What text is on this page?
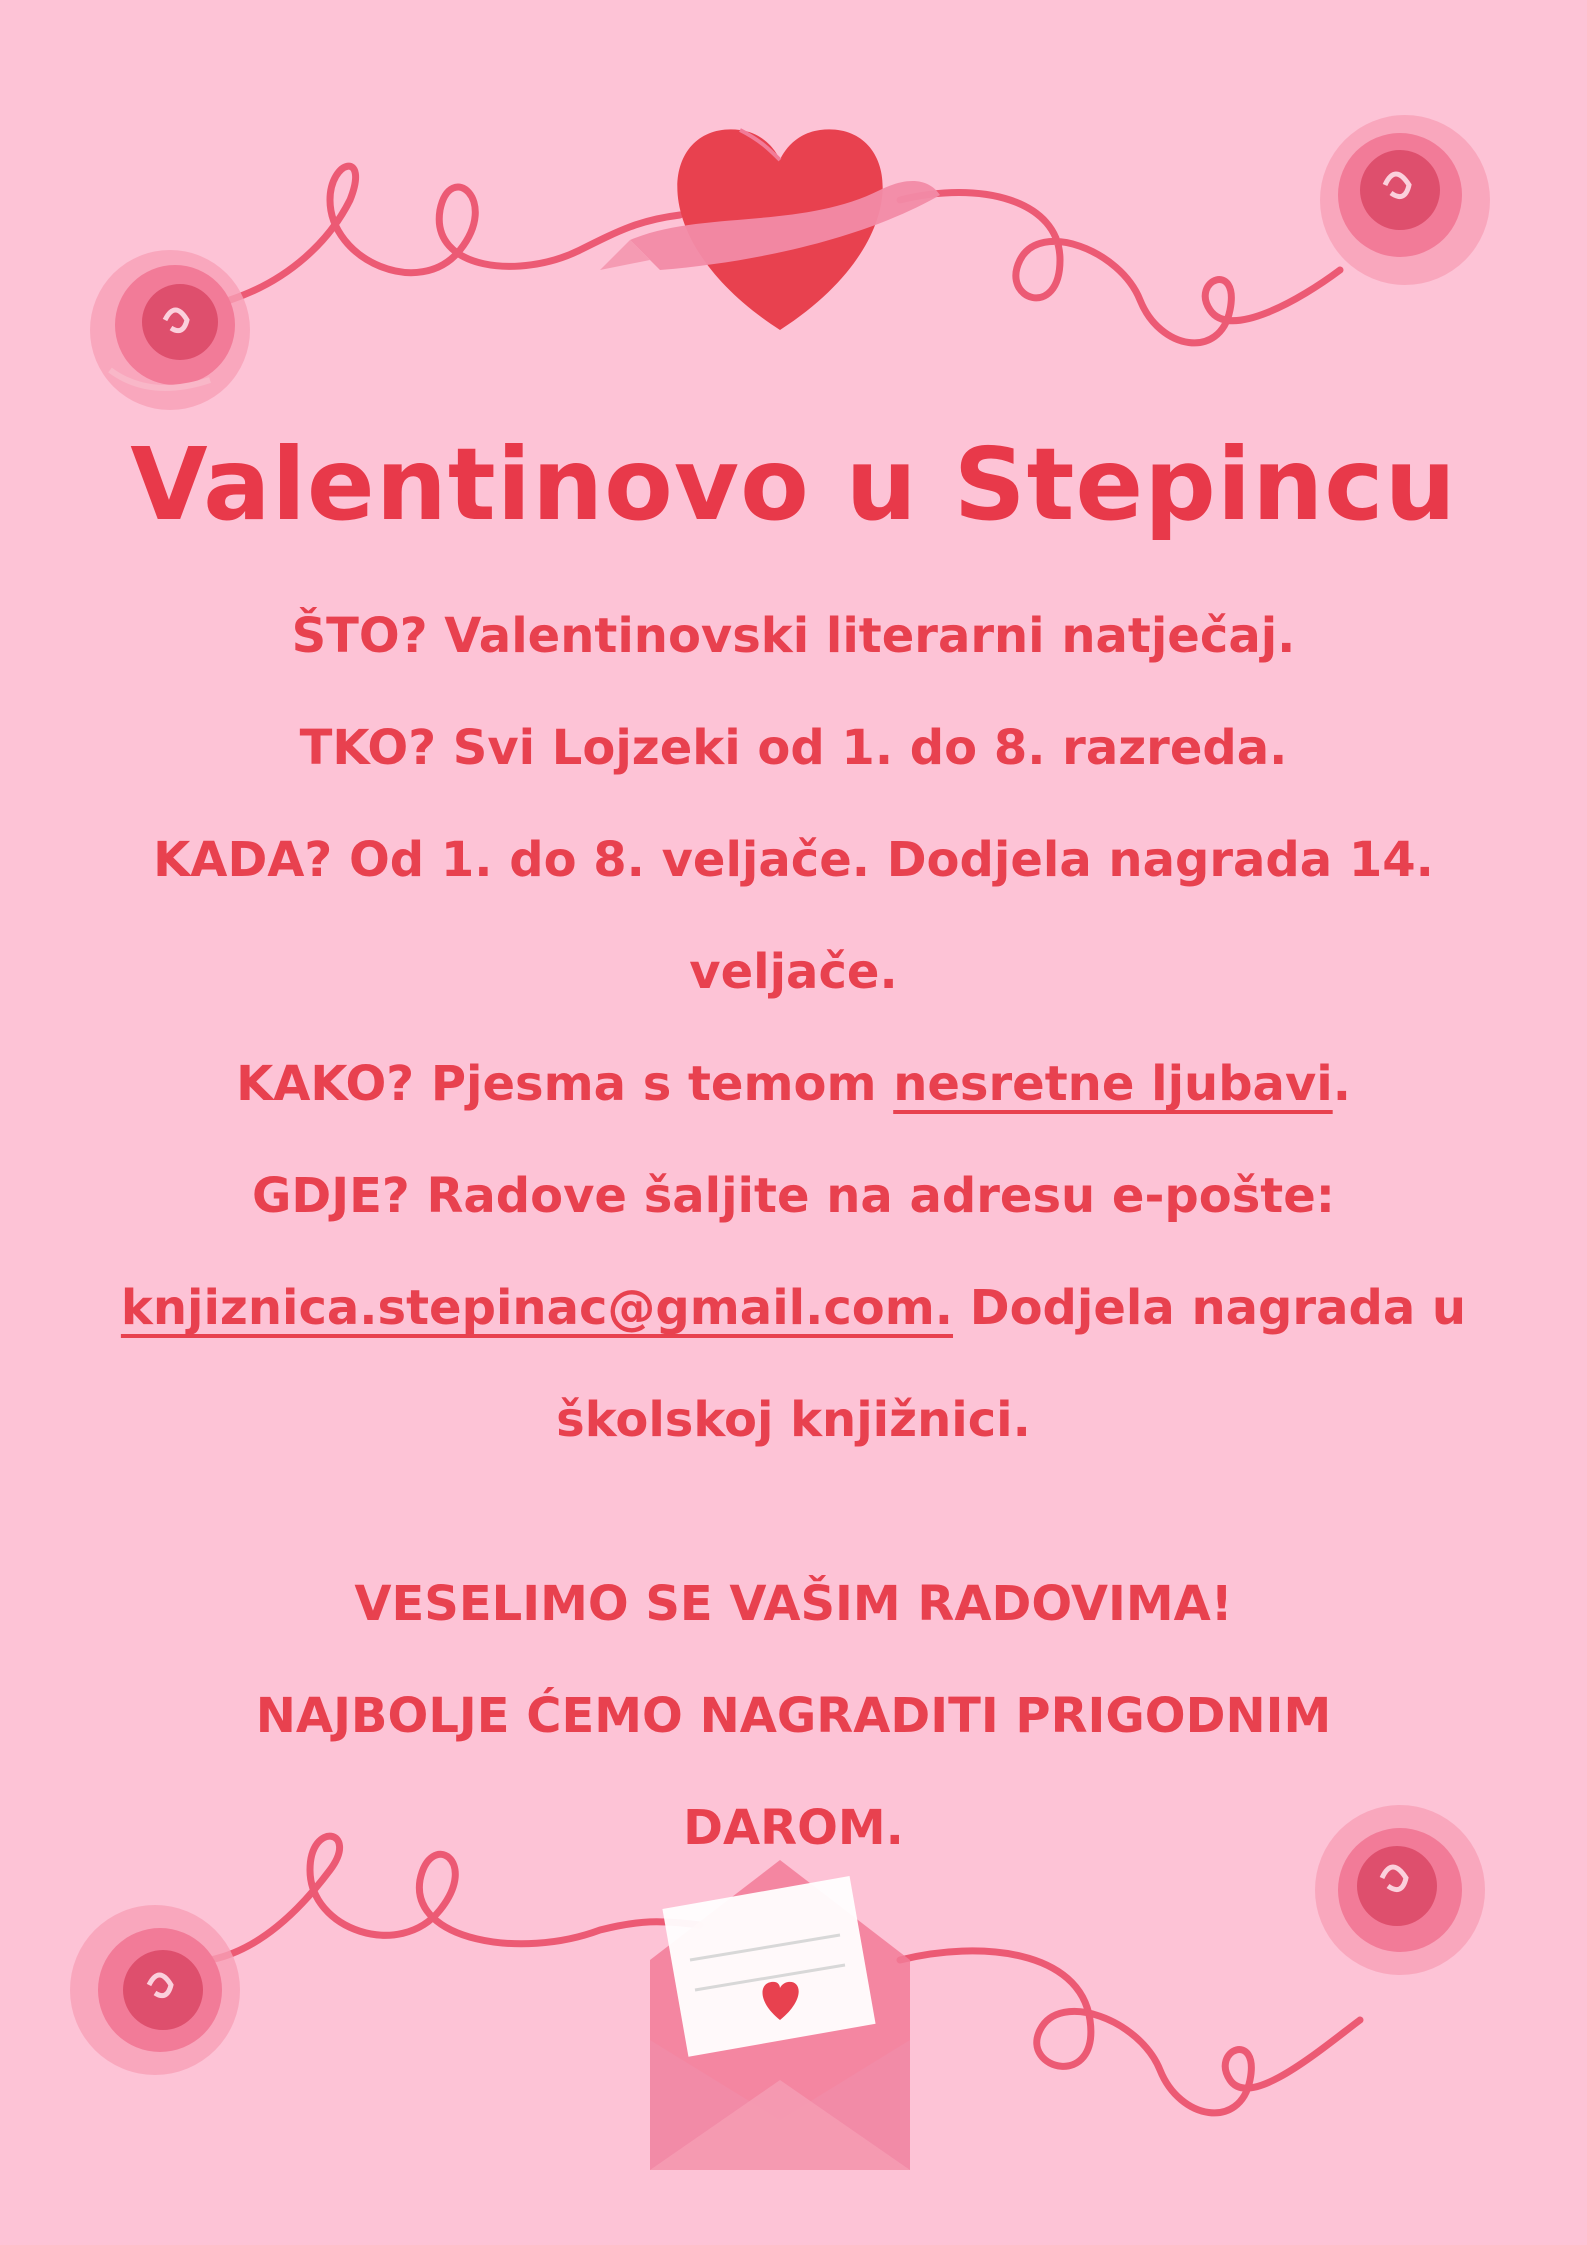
Valentinovo u Stepincu
ŠTO? Valentinovski literarni natječaj.
TKO? Svi Lojzeki od 1. do 8. razreda.
KADA? Od 1. do 8. veljače. Dodjela nagrada 14.
veljače.
KAKO? Pjesma s temom nesretne ljubavi.
GDJE? Radove šaljite na adresu e-pošte:
knjiznica.stepinac@gmail.com. Dodjela nagrada u
školskoj knjižnici.
VESELIMO SE VAŠIM RADOVIMA!
NAJBOLJE ĆEMO NAGRADITI PRIGODNIM
DAROM.
